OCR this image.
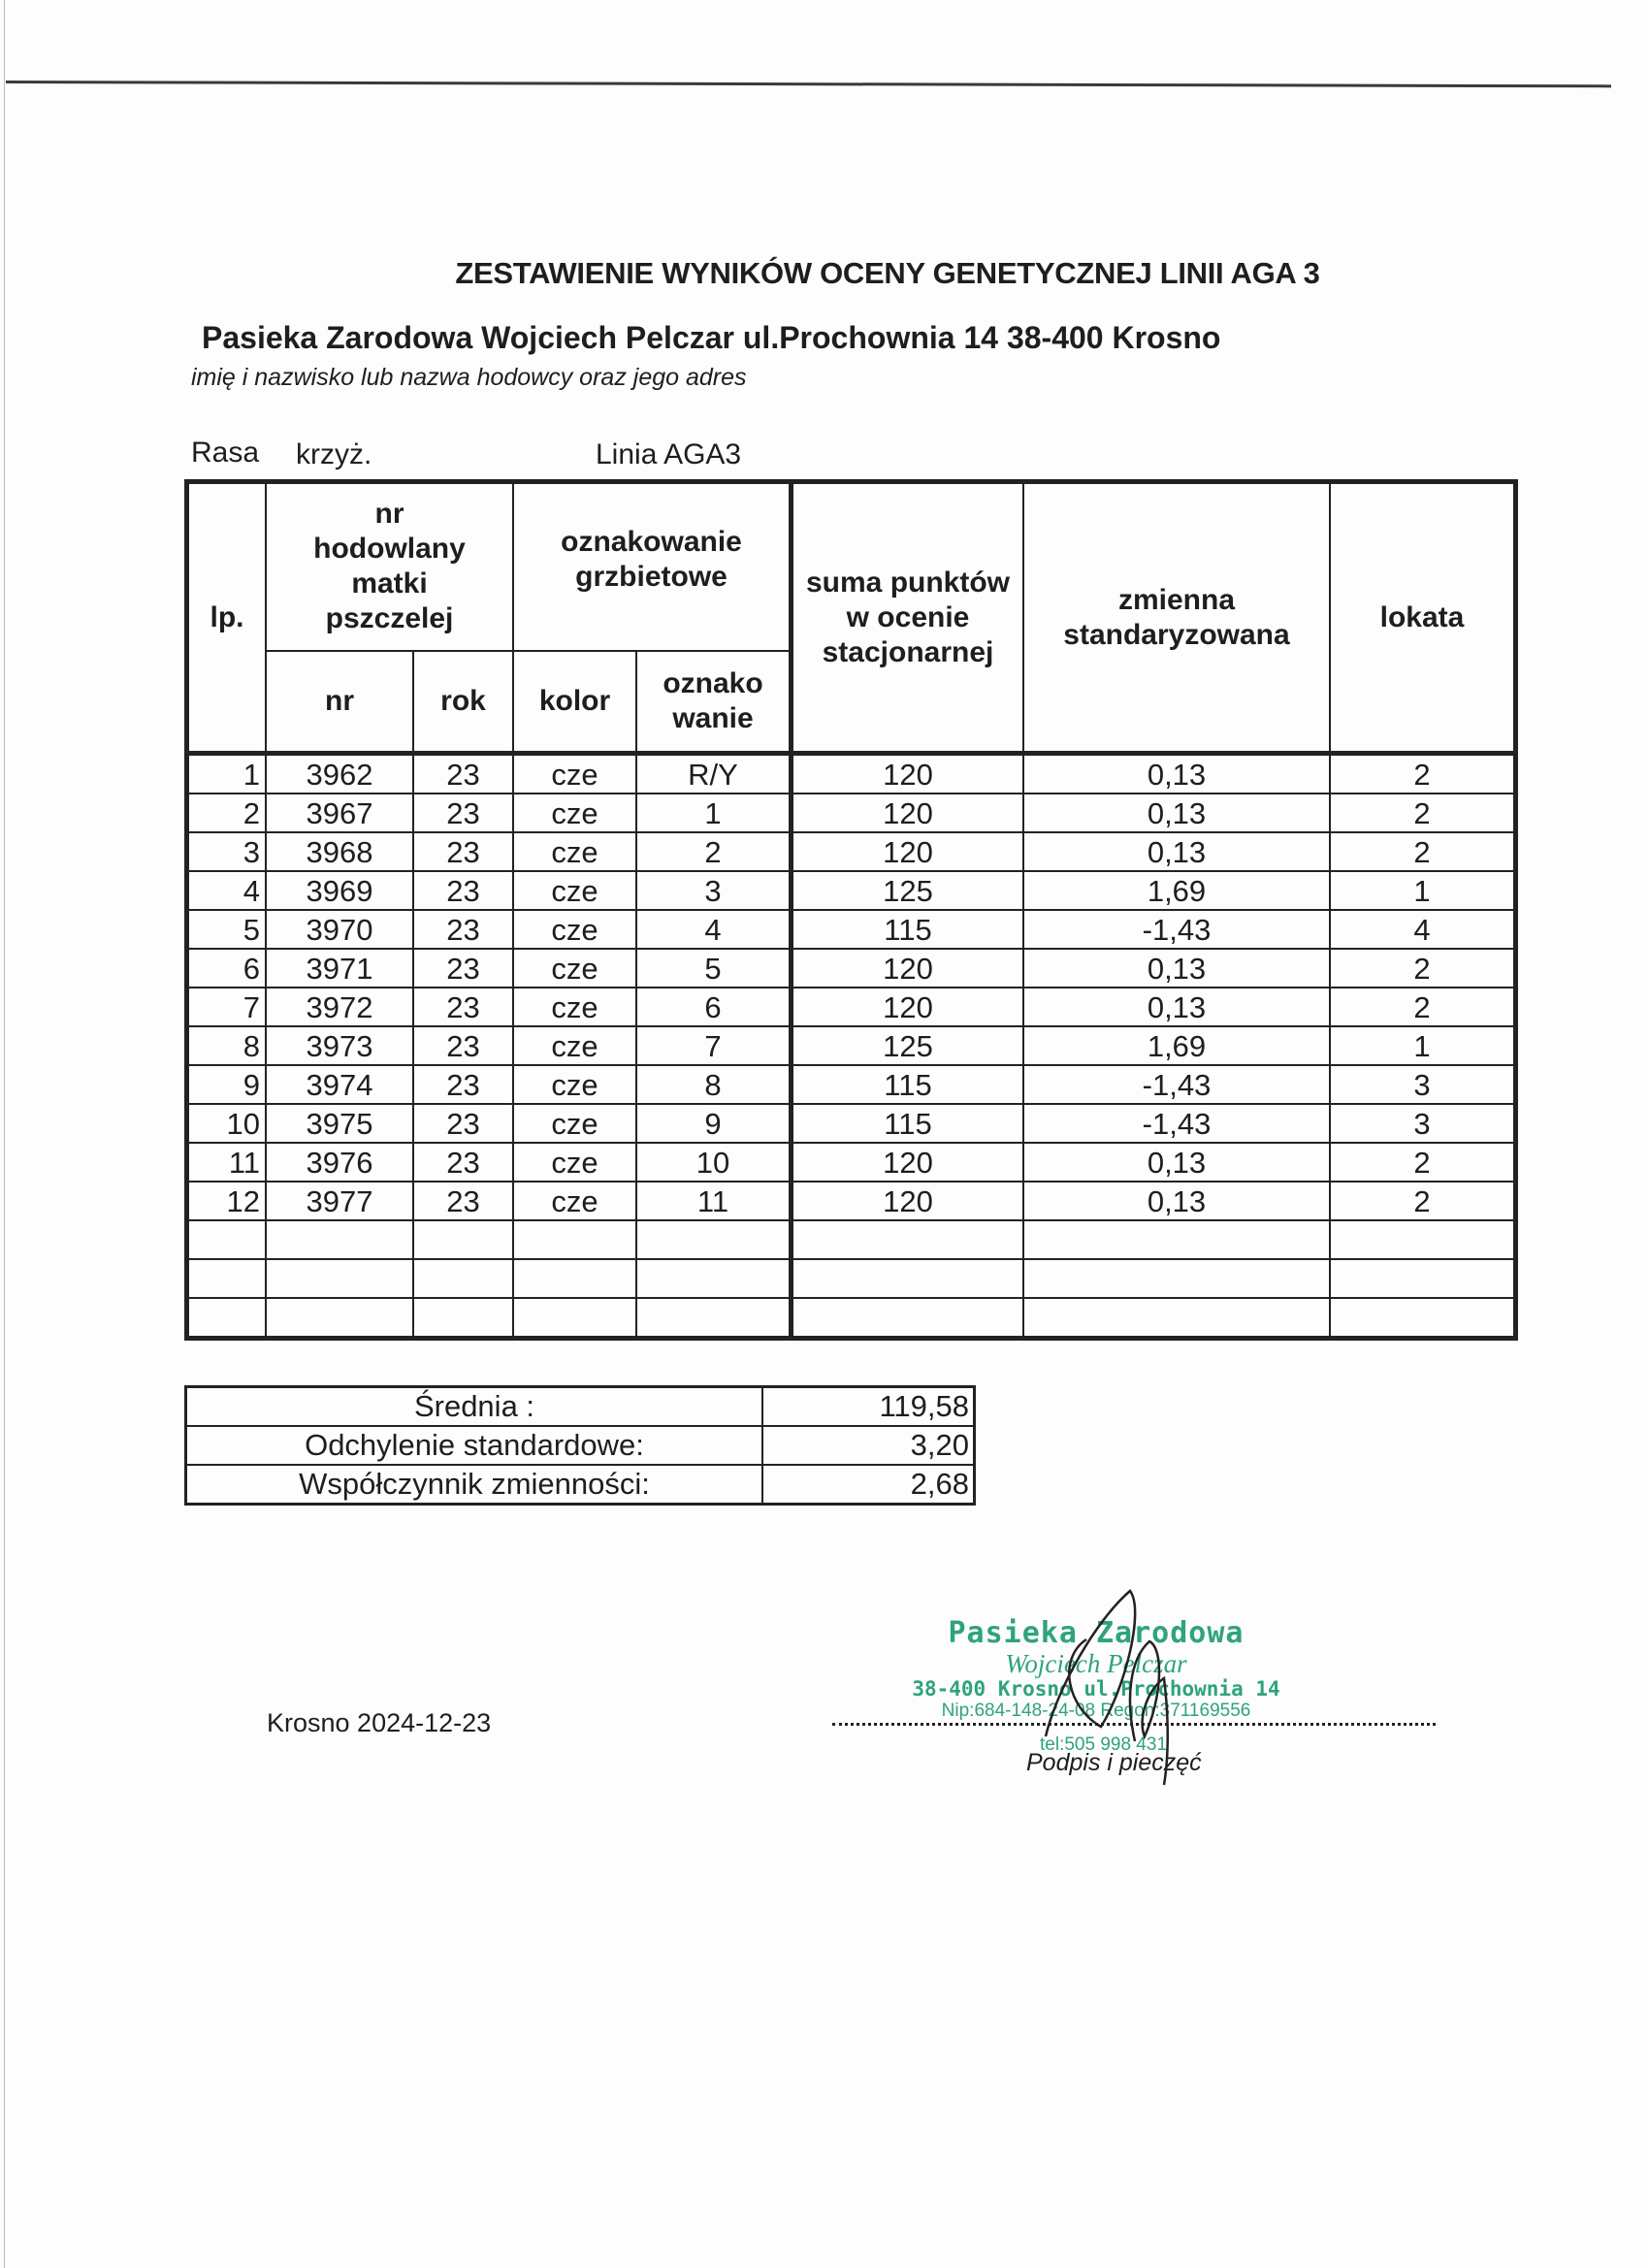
ZESTAWIENIE WYNIKÓW OCENY GENETYCZNEJ LINII AGA 3
Pasieka Zarodowa Wojciech Pelczar ul.Prochownia 14 38-400 Krosno
imię i nazwisko lub nazwa hodowcy oraz jego adres
Rasa	krzyż.	Linia AGA3
lp.	nr hodowlany matki pszczelej		oznakowanie grzbietowe		suma punktów w ocenie stacjonarnej	zmienna standaryzowana	lokata
	nr	rok	kolor	oznako wanie			
1	3962	23	cze	R/Y	120	0,13	2
2	3967	23	cze	1	120	0,13	2
3	3968	23	cze	2	120	0,13	2
4	3969	23	cze	3	125	1,69	1
5	3970	23	cze	4	115	-1,43	4
6	3971	23	cze	5	120	0,13	2
7	3972	23	cze	6	120	0,13	2
8	3973	23	cze	7	125	1,69	1
9	3974	23	cze	8	115	-1,43	3
10	3975	23	cze	9	115	-1,43	3
11	3976	23	cze	10	120	0,13	2
12	3977	23	cze	11	120	0,13	2

Średnia :	119,58
Odchylenie standardowe:	3,20
Współczynnik zmienności:	2,68
Krosno 2024-12-23
Pasieka Zarodowa
Wojciech Pelczar
38-400 Krosno ul.Prochownia 14
Nip:684-148-24-08 Regon:371169556
tel:505 998 431
Podpis i pieczęć
